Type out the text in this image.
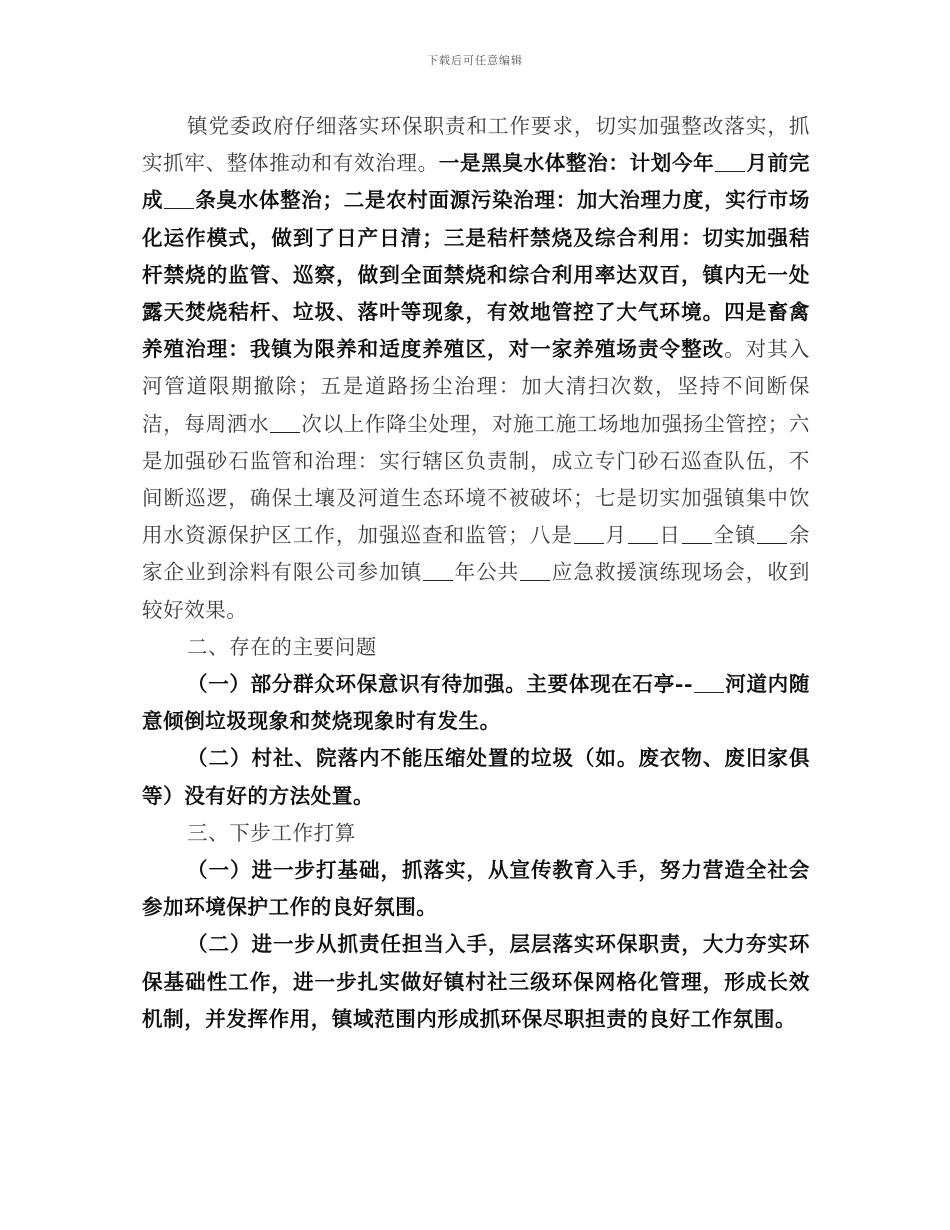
下载后可任意编辑

镇党委政府仔细落实环保职责和工作要求，切实加强整改落实，抓实抓牢、整体推动和有效治理。一是黑臭水体整治：计划今年 月前完成 条臭水体整治；二是农村面源污染治理：加大治理力度，实行市场化运作模式，做到了日产日清；三是秸杆禁烧及综合利用：切实加强秸杆禁烧的监管、巡察，做到全面禁烧和综合利用率达双百，镇内无一处露天焚烧秸杆、垃圾、落叶等现象，有效地管控了大气环境。四是畜禽养殖治理：我镇为限养和适度养殖区，对一家养殖场责令整改。对其入河管道限期撤除；五是道路扬尘治理：加大清扫次数，坚持不间断保洁，每周洒水 次以上作降尘处理，对施工施工场地加强扬尘管控；六是加强砂石监管和治理：实行辖区负责制，成立专门砂石巡查队伍，不间断巡逻，确保土壤及河道生态环境不被破坏；七是切实加强镇集中饮用水资源保护区工作，加强巡查和监管；八是 月 日 全镇 余家企业到涂料有限公司参加镇 年公共 应急救援演练现场会，收到较好效果。

二、存在的主要问题

（一）部分群众环保意识有待加强。主要体现在石亭-- 河道内随意倾倒垃圾现象和焚烧现象时有发生。

（二）村社、院落内不能压缩处置的垃圾（如。废衣物、废旧家俱等）没有好的方法处置。

三、下步工作打算

（一）进一步打基础，抓落实，从宣传教育入手，努力营造全社会参加环境保护工作的良好氛围。

（二）进一步从抓责任担当入手，层层落实环保职责，大力夯实环保基础性工作，进一步扎实做好镇村社三级环保网格化管理，形成长效机制，并发挥作用，镇域范围内形成抓环保尽职担责的良好工作氛围。
